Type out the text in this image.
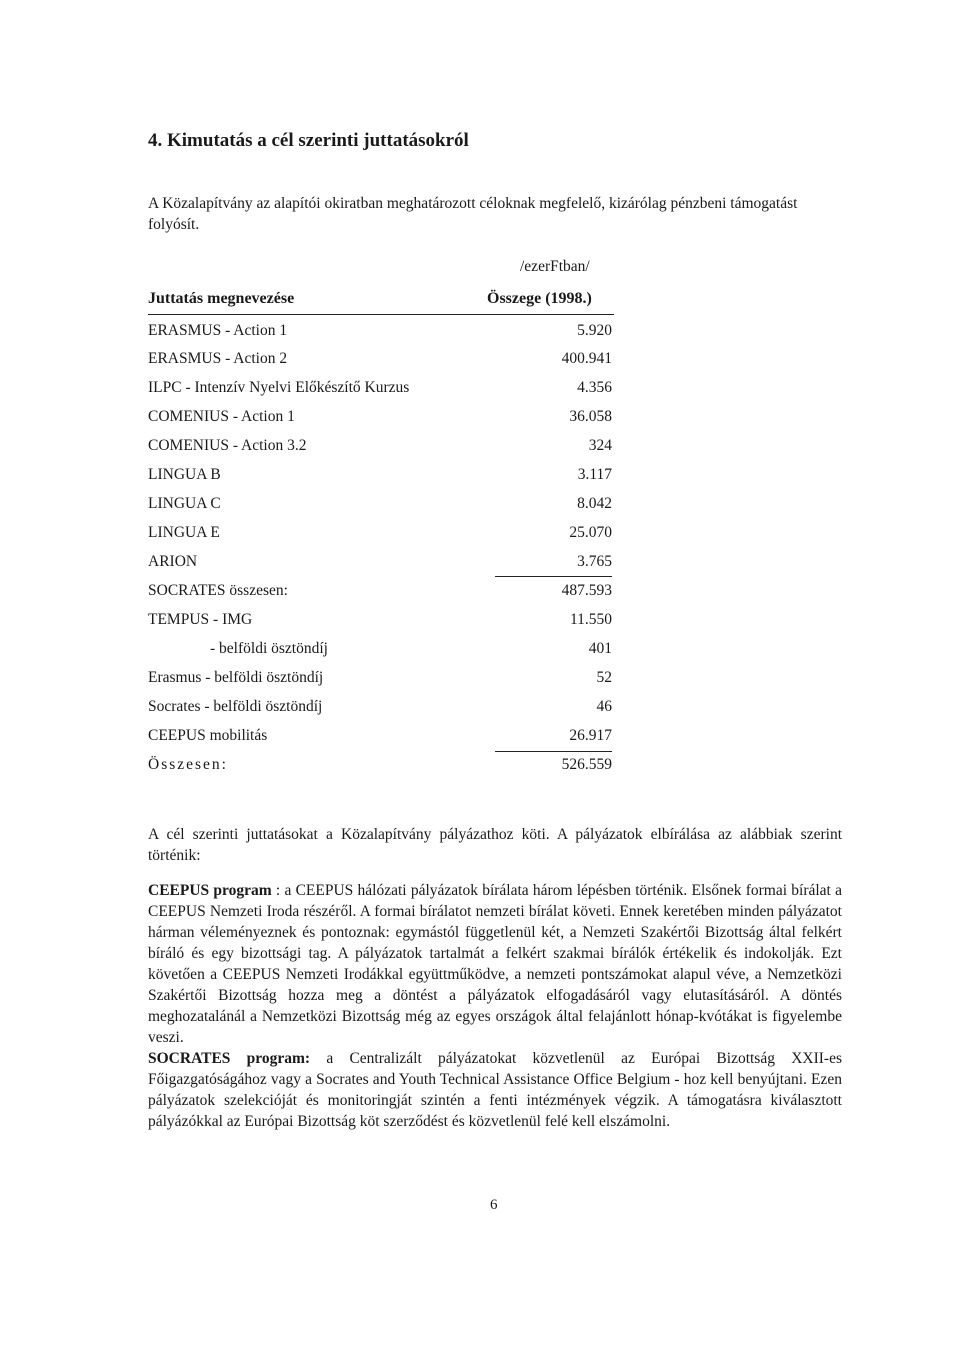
4. Kimutatás a cél szerinti juttatásokról

A Közalapítvány az alapítói okiratban meghatározott céloknak megfelelő, kizárólag pénzbeni támogatást folyósít.

/ezerFtban/
Juttatás megnevezése	Összege (1998.)
ERASMUS - Action 1	5.920
ERASMUS - Action 2	400.941
ILPC - Intenzív Nyelvi Előkészítő Kurzus	4.356
COMENIUS - Action 1	36.058
COMENIUS - Action 3.2	324
LINGUA B	3.117
LINGUA C	8.042
LINGUA E	25.070
ARION	3.765
SOCRATES összesen:	487.593
TEMPUS - IMG	11.550
- belföldi ösztöndíj	401
Erasmus - belföldi ösztöndíj	52
Socrates - belföldi ösztöndíj	46
CEEPUS mobilitás	26.917
Összesen:	526.559

A cél szerinti juttatásokat a Közalapítvány pályázathoz köti. A pályázatok elbírálása az alábbiak szerint történik:

CEEPUS program : a CEEPUS hálózati pályázatok bírálata három lépésben történik. Elsőnek formai bírálat a CEEPUS Nemzeti Iroda részéről. A formai bírálatot nemzeti bírálat követi. Ennek keretében minden pályázatot hárman véleményeznek és pontoznak: egymástól függetlenül két, a Nemzeti Szakértői Bizottság által felkért bíráló és egy bizottsági tag. A pályázatok tartalmát a felkért szakmai bírálók értékelik és indokolják. Ezt követően a CEEPUS Nemzeti Irodákkal együttműködve, a nemzeti pontszámokat alapul véve, a Nemzetközi Szakértői Bizottság hozza meg a döntést a pályázatok elfogadásáról vagy elutasításáról. A döntés meghozatalánál a Nemzetközi Bizottság még az egyes országok által felajánlott hónap-kvótákat is figyelembe veszi.

SOCRATES program: a Centralizált pályázatokat közvetlenül az Európai Bizottság XXII-es Főigazgatóságához vagy a Socrates and Youth Technical Assistance Office Belgium - hoz kell benyújtani. Ezen pályázatok szelekcióját és monitoringját szintén a fenti intézmények végzik. A támogatásra kiválasztott pályázókkal az Európai Bizottság köt szerződést és közvetlenül felé kell elszámolni.

6
